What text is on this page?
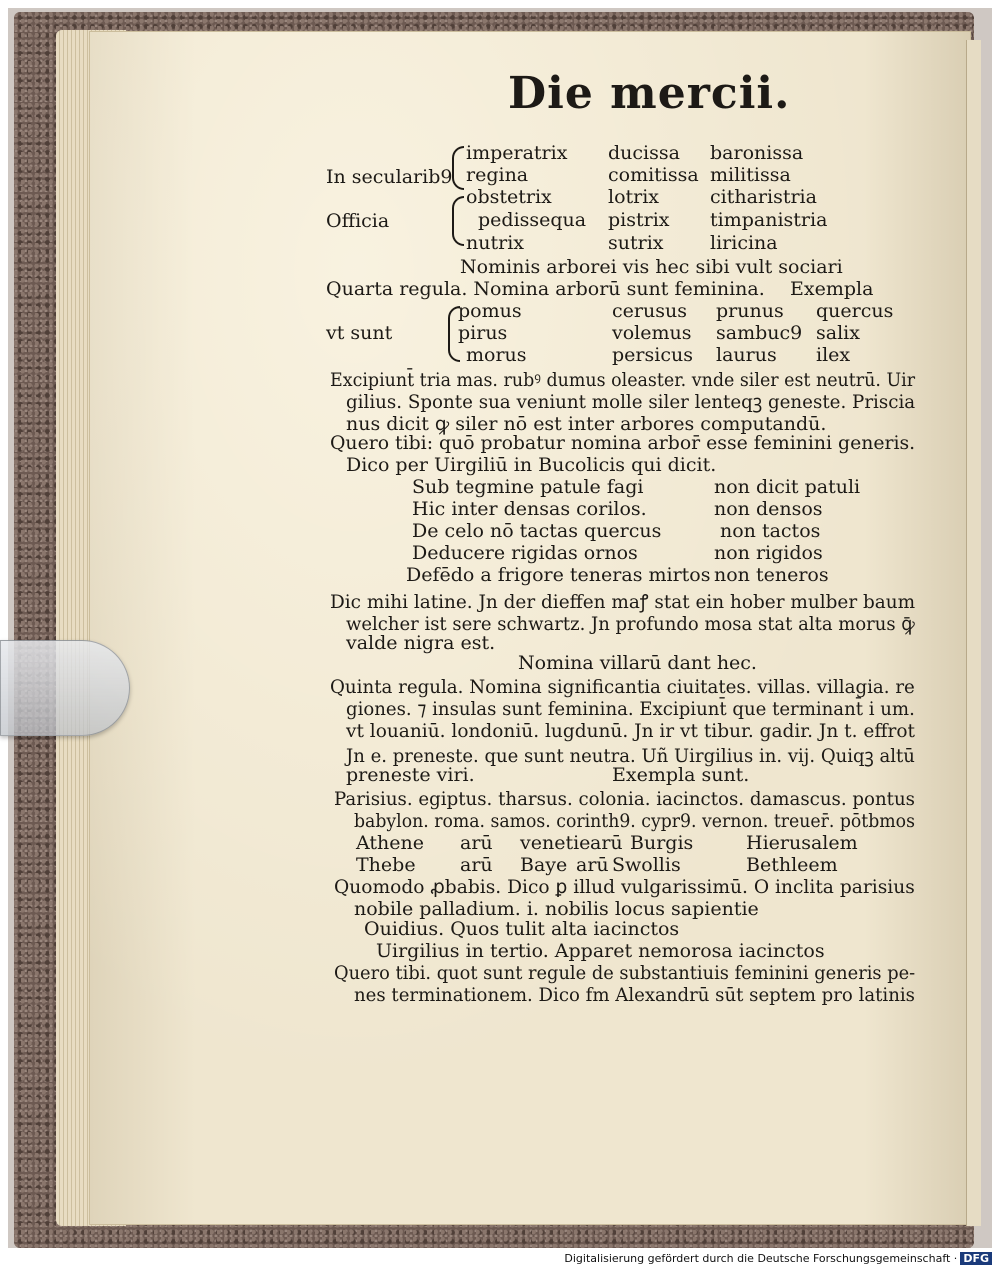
Die mercii.
In secularib9
Officia
imperatrix ducissa baronissa
regina	comitissa militissa
obstetrix	lotrix	citharistria
pedissequa pistrix timpanistria
nutrix	sutrix liricina
Nominis arborei vis hec sibi vult sociari
Quarta regula. Nomina arborū sunt feminina. Exempla
vt sunt
pomus	cerusus prunus quercus
pirus	volemus sambuc9 salix
morus	persicus laurus ilex
Excipiunt̄ tria mas. rubꝰ dumus oleaster. vnde siler est neutrū. Uir
gilius. Sponte sua veniunt molle siler lenteqꝫ geneste. Priscia
nus dicit ꝙ siler nō est inter arbores computandū.
Quero tibi: quō probatur nomina arbor̄ esse feminini generis.
Dico per Uirgiliū in Bucolicis qui dicit.
Sub tegmine patule fagi	non dicit patuli
Hic inter densas corilos.	non densos
De celo nō tactas quercus	non tactos
Deducere rigidas ornos	non rigidos
Defēdo a frigore teneras mirtos non teneros
Dic mihi latine. Jn der dieffen maꝭ stat ein hober mulber baum
welcher ist sere schwartz. Jn profundo mosa stat alta morus ꝙ̄
valde nigra est.
Nomina villarū dant hec.
Quinta regula. Nomina significantia ciuitates. villas. villagia. re
giones. ⁊ insulas sunt feminina. Excipiunt̄ que terminant̄ i um.
vt louaniū. londoniū. lugdunū. Jn ir vt tibur. gadir. Jn t. effrot
Jn e. preneste. que sunt neutra. Uñ Uirgilius in. vij. Quiqꝫ altū
preneste viri.	Exempla sunt.
Parisius. egiptus. tharsus. colonia. iacinctos. damascus. pontus
babylon. roma. samos. corinth9. cypr9. vernon. treuer̄. pōtbmos
Athene arū venetie arū Burgis	Hierusalem
Thebe arū Baye arū Swollis	Bethleem
Quomodo ꝓbabis. Dico ꝑ illud vulgarissimū. O inclita parisius
nobile palladium. i. nobilis locus sapientie
Ouidius. Quos tulit alta iacinctos
Uirgilius in tertio. Apparet nemorosa iacinctos
Quero tibi. quot sunt regule de substantiuis feminini generis pe-
nes terminationem. Dico fm Alexandrū sūt septem pro latinis
Digitalisierung gefördert durch die Deutsche Forschungsgemeinschaft · DFG
